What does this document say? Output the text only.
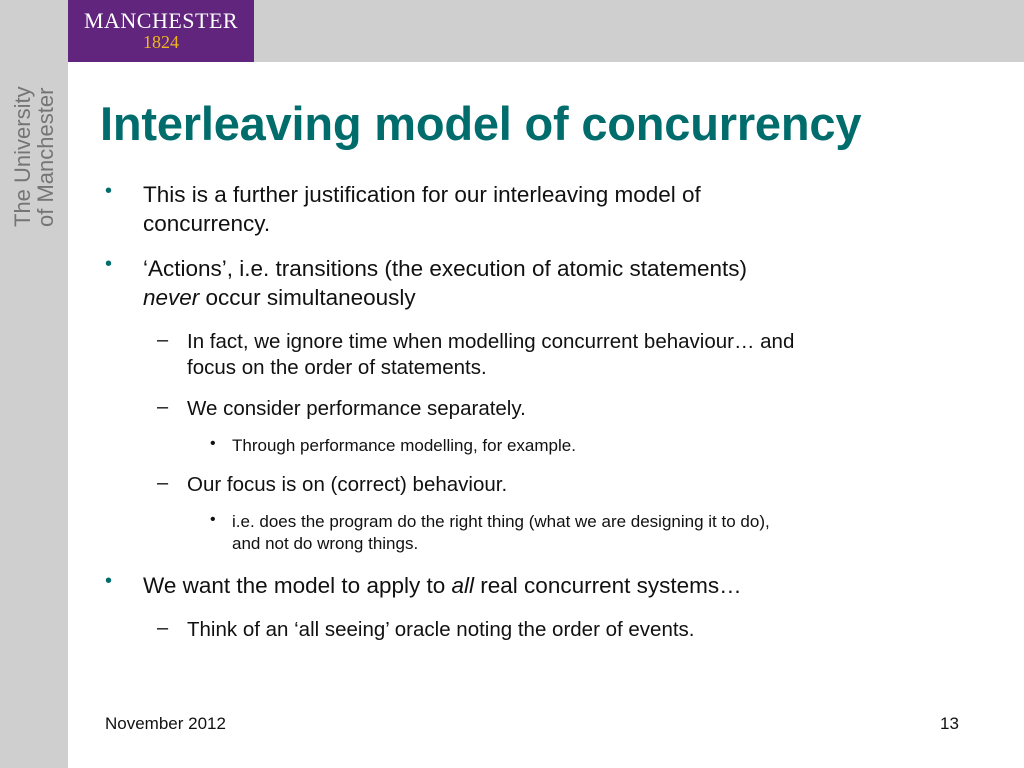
MANCHESTER
1824
The University
of Manchester Interleaving model of concurrency
• This is a further justification for our interleaving model of
concurrency.
• ‘Actions’, i.e. transitions (the execution of atomic statements)
never occur simultaneously
– In fact, we ignore time when modelling concurrent behaviour… and
focus on the order of statements.
– We consider performance separately.
• Through performance modelling, for example.
– Our focus is on (correct) behaviour.
• i.e. does the program do the right thing (what we are designing it to do),
and not do wrong things.
• We want the model to apply to all real concurrent systems…
– Think of an ‘all seeing’ oracle noting the order of events.
November 2012	13
